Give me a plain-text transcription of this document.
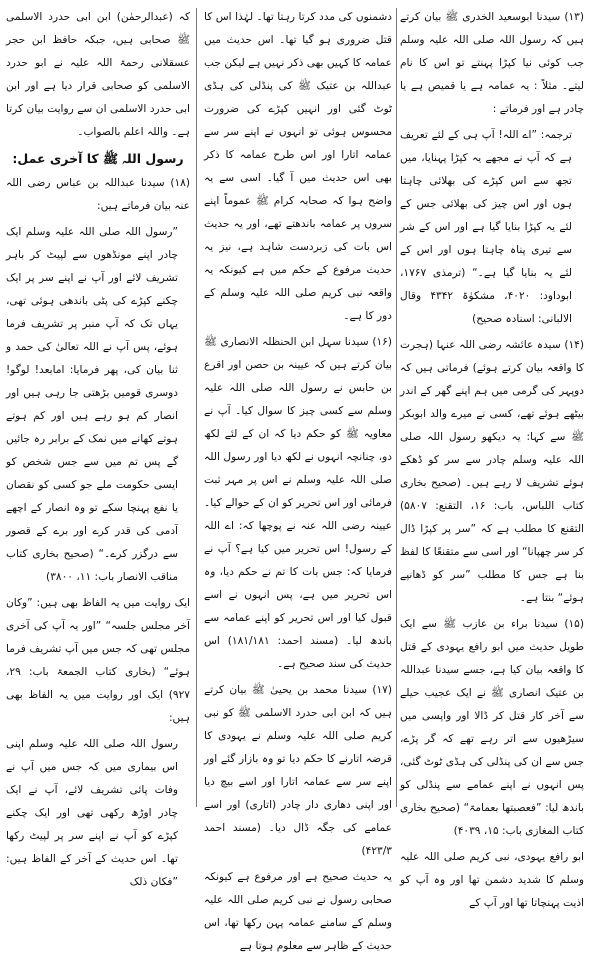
(۱۳) سیدنا ابوسعید الخدری ﷺ بیان کرتے ہیں کہ رسول اللہ صلی اللہ علیہ وسلم جب کوئی نیا کپڑا پہنتے تو اس کا نام لیتے۔ مثلاً : یہ عمامہ ہے یا قمیص ہے یا چادر ہے اور فرماتے :

ترجمہ: ”اے اللہ! آپ ہی کے لئے تعریف ہے کہ آپ نے مجھے یہ کپڑا پہنایا، میں تجھ سے اس کپڑے کی بھلائی چاہتا ہوں اور اس چیز کی بھلائی جس کے لئے یہ کپڑا بنایا گیا ہے اور اس کے شر سے تیری پناہ چاہتا ہوں اور اس کے لئے یہ بنایا گیا ہے۔“ (ترمذی ۱۷۶۷، ابوداود: ۴۰۲۰، مشکوٰۃ ۴۳۴۲ وقال الالبانی: اسنادہ صحیح)

(۱۴) سیدہ عائشہ رضی اللہ عنہا (ہجرت کا واقعہ بیان کرتے ہوئے) فرماتی ہیں کہ دوپہر کی گرمی میں ہم اپنے گھر کے اندر بیٹھے ہوئے تھے، کسی نے میرے والد ابوبکر ﷺ سے کہا: یہ دیکھو رسول اللہ صلی اللہ علیہ وسلم چادر سے سر کو ڈھکے ہوئے تشریف لا رہے ہیں۔ (صحیح بخاری کتاب اللباس، باب: ۱۶، التقنع: ۵۸۰۷) التقنع کا مطلب ہے کہ ”سر پر کپڑا ڈال کر سر چھپانا“ اور اسی سے متقنعًا کا لفظ بنا ہے جس کا مطلب ”سر کو ڈھانپے ہوئے“ بنتا ہے۔

(۱۵) سیدنا براء بن عازب ﷺ سے ایک طویل حدیث میں ابو رافع یہودی کے قتل کا واقعہ بیان کیا ہے، جسے سیدنا عبداللہ بن عتیک انصاری ﷺ نے ایک عجیب حیلے سے آخر کار قتل کر ڈالا اور واپسی میں سیڑھیوں سے اتر رہے تھے کہ گر پڑے، جس سے ان کی پنڈلی کی ہڈی ٹوٹ گئی، پس انہوں نے اپنے عمامے سے پنڈلی کو باندھ لیا: ”فعصبتھا بعمامۃ“ (صحیح بخاری کتاب المغازی باب: ۱۵، ۴۰۳۹)

ابو رافع یہودی، نبی کریم صلی اللہ علیہ وسلم کا شدید دشمن تھا اور وہ آپ کو اذیت پہنچاتا تھا اور آپ کے

دشمنوں کی مدد کرتا رہتا تھا۔ لہٰذا اس کا قتل ضروری ہو گیا تھا۔ اس حدیث میں عمامہ کا کہیں بھی ذکر نہیں ہے لیکن جب عبداللہ بن عتیک ﷺ کی پنڈلی کی ہڈی ٹوٹ گئی اور انہیں کپڑے کی ضرورت محسوس ہوئی تو انہوں نے اپنے سر سے عمامہ اتارا اور اس طرح عمامہ کا ذکر بھی اس حدیث میں آ گیا۔ اسی سے یہ واضح ہوا کہ صحابہ کرام ﷺ عموماً اپنے سروں پر عمامہ باندھتے تھے، اور یہ حدیث اس بات کی زبردست شاہد ہے، نیز یہ حدیث مرفوع کے حکم میں ہے کیونکہ یہ واقعہ نبی کریم صلی اللہ علیہ وسلم کے دور کا ہے۔

(۱۶) سیدنا سہل ابن الحنظلہ الانصاری ﷺ بیان کرتے ہیں کہ عیینہ بن حصن اور اقرع بن حابس نے رسول اللہ صلی اللہ علیہ وسلم سے کسی چیز کا سوال کیا۔ آپ نے معاویہ ﷺ کو حکم دیا کہ ان کے لئے لکھ دو، چنانچہ انہوں نے لکھ دیا اور رسول اللہ صلی اللہ علیہ وسلم نے اس پر مہر ثبت فرمائی اور اس تحریر کو ان کے حوالے کیا۔ عیینہ رضی اللہ عنہ نے پوچھا کہ: اے اللہ کے رسول! اس تحریر میں کیا ہے؟ آپ نے فرمایا کہ: جس بات کا تم نے حکم دیا، وہ اس تحریر میں ہے، پس انہوں نے اسے قبول کیا اور اس تحریر کو اپنے عمامہ سے باندھ لیا۔ (مسند احمد: ۱۸۱/۱۸۱) اس حدیث کی سند صحیح ہے۔

(۱۷) سیدنا محمد بن یحییٰ ﷺ بیان کرتے ہیں کہ ابن ابی حدرد الاسلمی ﷺ کو نبی کریم صلی اللہ علیہ وسلم نے یہودی کا قرضہ اتارنے کا حکم دیا تو وہ بازار گئے اور اپنے سر سے عمامہ اتارا اور اسے بیچ دیا اور اپنی دھاری دار چادر (اتاری) اور اسے عمامے کی جگہ ڈال دیا۔ (مسند احمد ۴۲۳/۳)

یہ حدیث صحیح ہے اور مرفوع ہے کیونکہ صحابی رسول نے نبی کریم صلی اللہ علیہ وسلم کے سامنے عمامہ پہن رکھا تھا، اس حدیث کے ظاہر سے معلوم ہوتا ہے

کہ (عبدالرحمٰن) ابن ابی حدرد الاسلمی ﷺ صحابی ہیں، جبکہ حافظ ابن حجر عسقلانی رحمۃ اللہ علیہ نے ابو حدرد الاسلمی کو صحابی قرار دیا ہے اور ابن ابی حدرد الاسلمی ان سے روایت بیان کرتا ہے۔ واللہ اعلم بالصواب۔

رسول اللہ ﷺ کا آخری عمل:

(۱۸) سیدنا عبداللہ بن عباس رضی اللہ عنہ بیان فرماتے ہیں:

”رسول اللہ صلی اللہ علیہ وسلم ایک چادر اپنے مونڈھوں سے لپیٹ کر باہر تشریف لائے اور آپ نے اپنے سر پر ایک چکنے کپڑے کی پٹی باندھی ہوئی تھی، یہاں تک کہ آپ منبر پر تشریف فرما ہوئے، پس آپ نے اللہ تعالیٰ کی حمد و ثنا بیان کی، پھر فرمایا: امابعد! لوگو! دوسری قومیں بڑھتی جا رہی ہیں اور انصار کم ہو رہے ہیں اور کم ہوتے ہوتے کھانے میں نمک کے برابر رہ جائیں گے پس تم میں سے جس شخص کو ایسی حکومت ملے جو کسی کو نقصان یا نفع پہنچا سکے تو وہ انصار کے اچھے آدمی کی قدر کرے اور برے کے قصور سے درگزر کرے۔“ (صحیح بخاری کتاب مناقب الانصار باب: ۱۱، ۳۸۰۰)

ایک روایت میں یہ الفاظ بھی ہیں: ”وکان آخر مجلس جلسہ“ ”اور یہ آپ کی آخری مجلس تھی کہ جس میں آپ تشریف فرما ہوئے“ (بخاری کتاب الجمعۃ باب: ۲۹، ۹۲۷) ایک اور روایت میں یہ الفاظ بھی ہیں:

رسول اللہ صلی اللہ علیہ وسلم اپنی اس بیماری میں کہ جس میں آپ نے وفات پائی تشریف لائے، آپ نے ایک چادر اوڑھ رکھی تھی اور ایک چکنے کپڑے کو آپ نے اپنے سر پر لپیٹ رکھا تھا۔ اس حدیث کے آخر کے الفاظ ہیں: ”فکان ذلک
